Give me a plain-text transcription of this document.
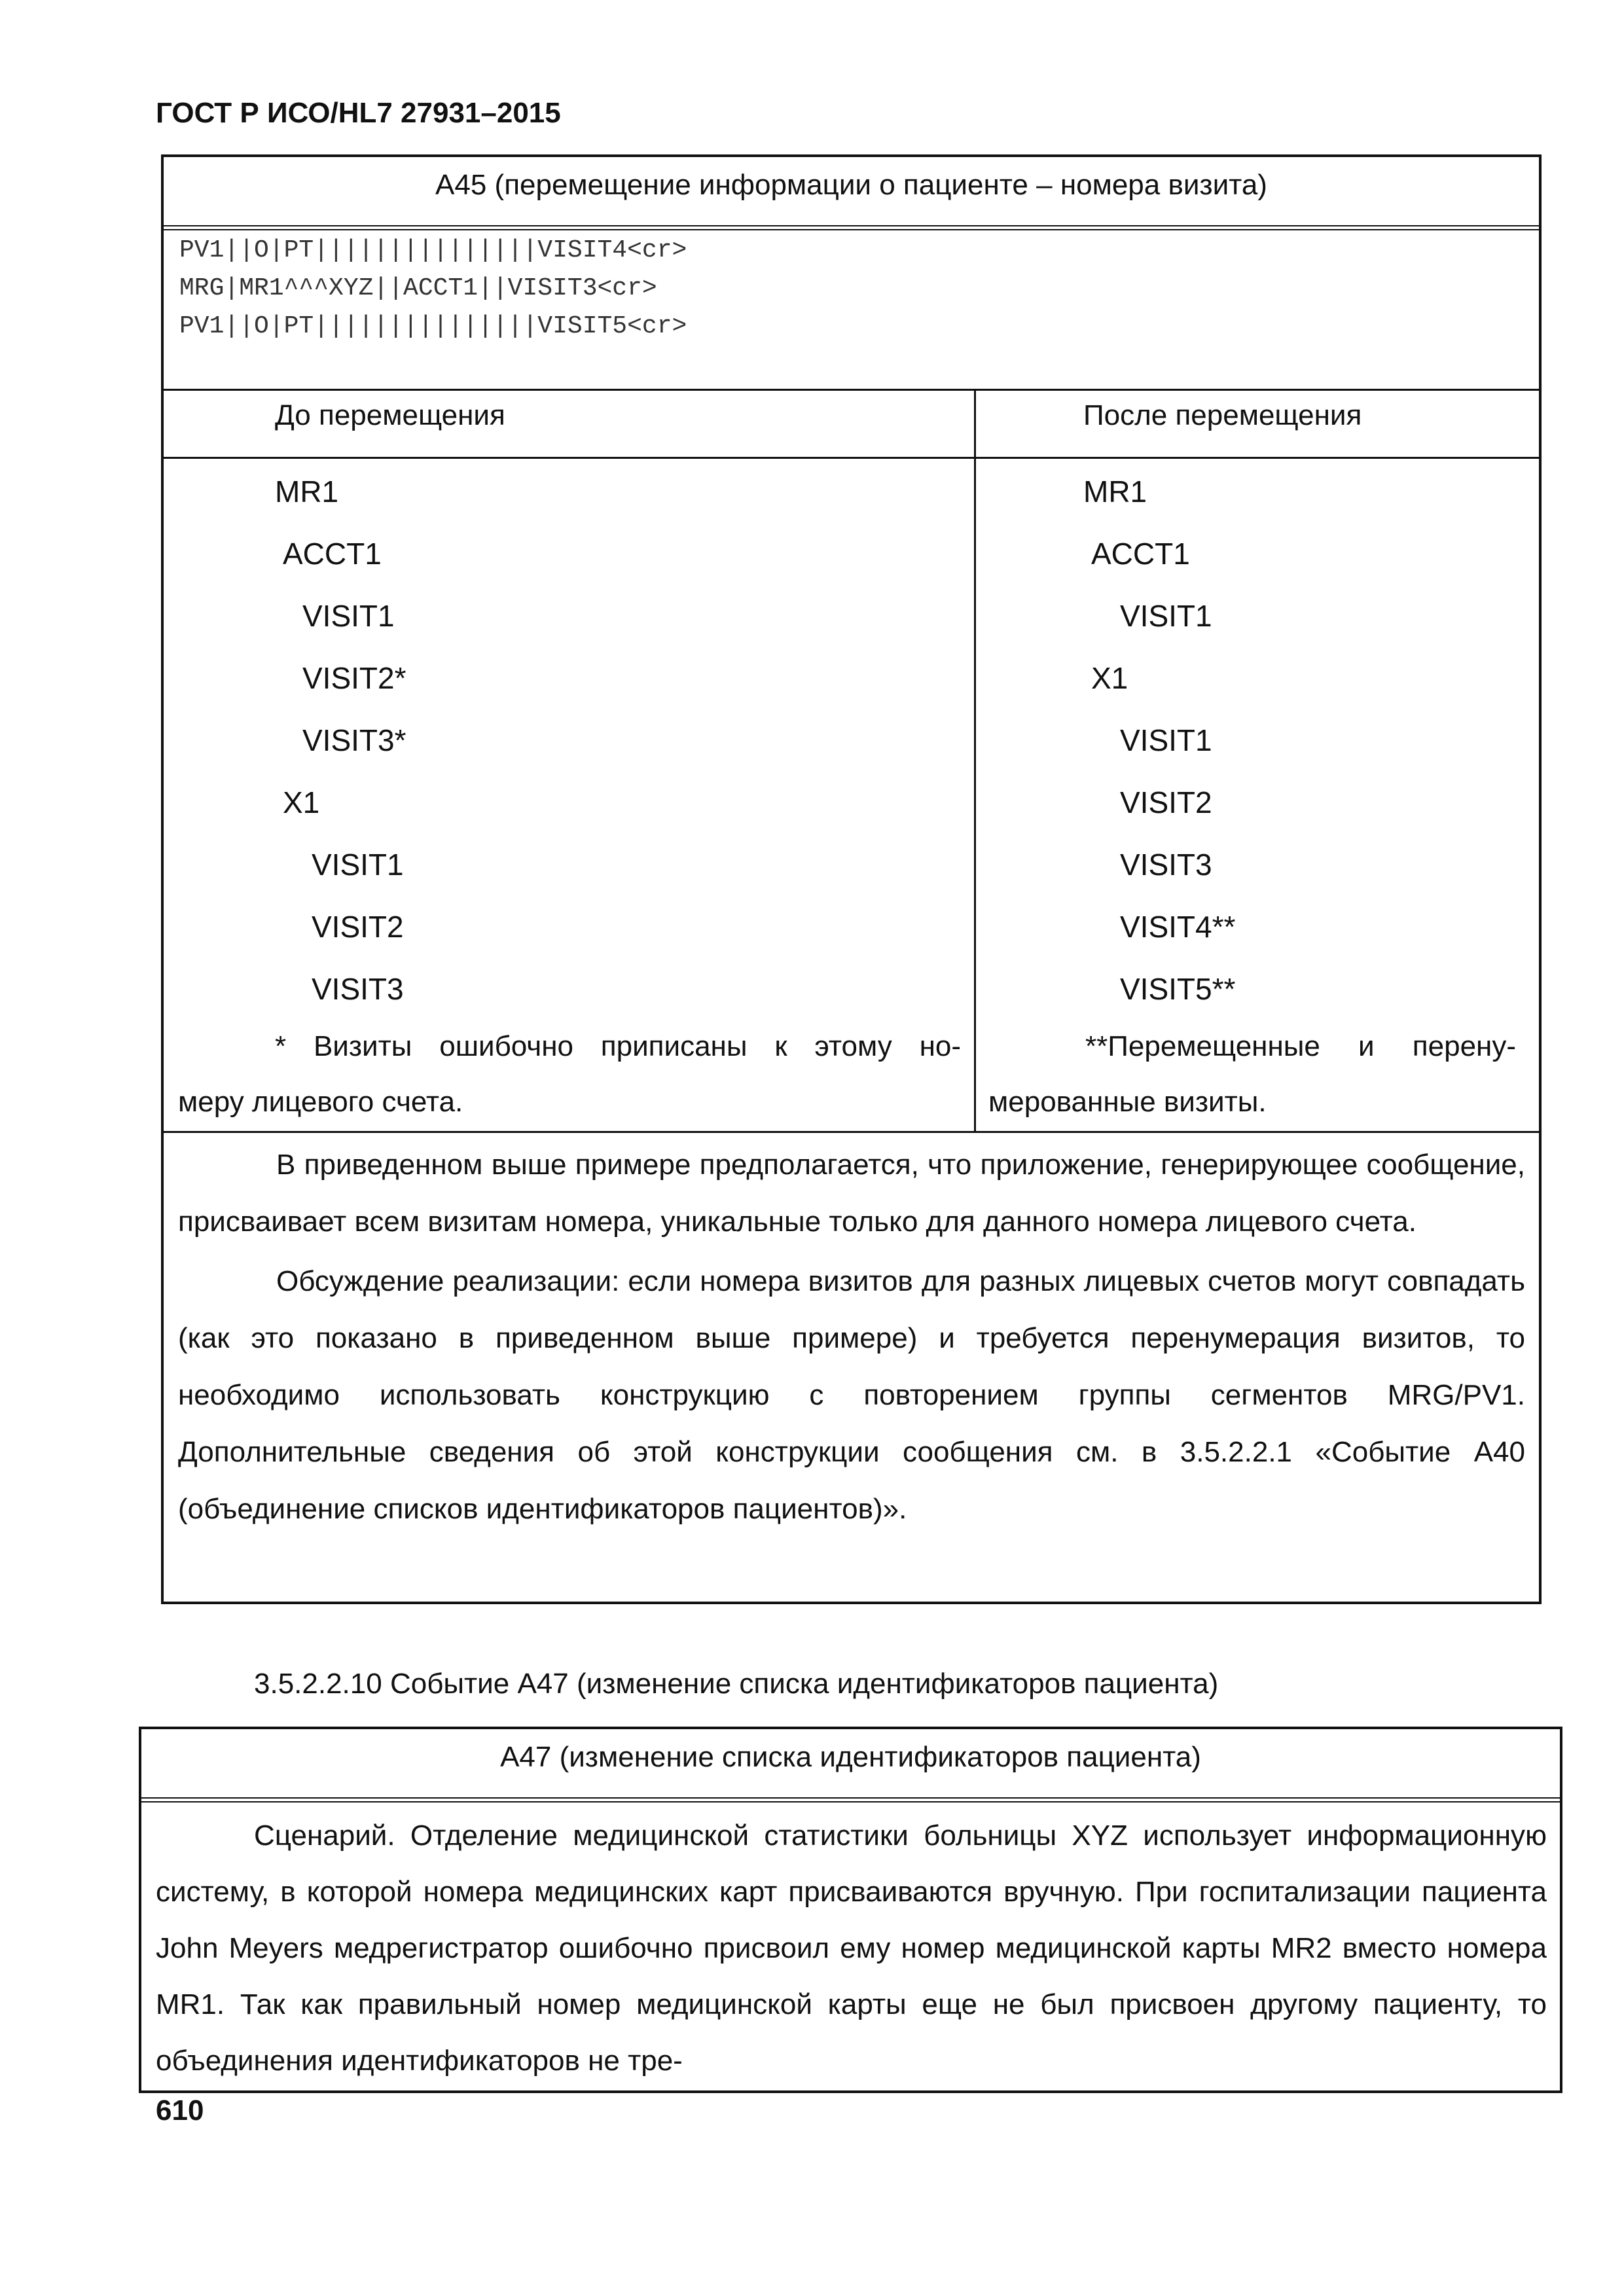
ГОСТ Р ИСО/HL7 27931–2015
А45 (перемещение информации о пациенте – номера визита)
PV1||O|PT|||||||||||||||VISIT4<cr>
MRG|MR1^^^XYZ||ACCT1||VISIT3<cr>
PV1||O|PT|||||||||||||||VISIT5<cr>
До перемещения	После перемещения
MR1
ACCT1
VISIT1
VISIT2*
VISIT3*
X1
VISIT1
VISIT2
VISIT3
MR1
ACCT1
VISIT1
X1
VISIT1
VISIT2
VISIT3
VISIT4**
VISIT5**
* Визиты ошибочно приписаны к этому но-
меру лицевого счета.
**Перемещенные и перену-
мерованные визиты.

В приведенном выше примере предполагается, что приложение, генерирующее сообщение, присваивает всем визитам номера, уникальные только для данного номера лицевого счета.

Обсуждение реализации: если номера визитов для разных лицевых счетов могут совпадать (как это показано в приведенном выше примере) и требуется перенумерация визитов, то необходимо использовать конструкцию с повторением группы сегментов MRG/PV1. Дополнительные сведения об этой конструкции сообщения см. в 3.5.2.2.1 «Событие А40 (объединение списков идентификаторов пациентов)».

3.5.2.2.10 Событие А47 (изменение списка идентификаторов пациента)
А47 (изменение списка идентификаторов пациента)

Сценарий. Отделение медицинской статистики больницы XYZ использует информационную систему, в которой номера медицинских карт присваиваются вручную. При госпитализации пациента John Meyers медрегистратор ошибочно присвоил ему номер медицинской карты MR2 вместо номера MR1. Так как правильный номер медицинской карты еще не был присвоен другому пациенту, то объединения идентификаторов не тре-

610
